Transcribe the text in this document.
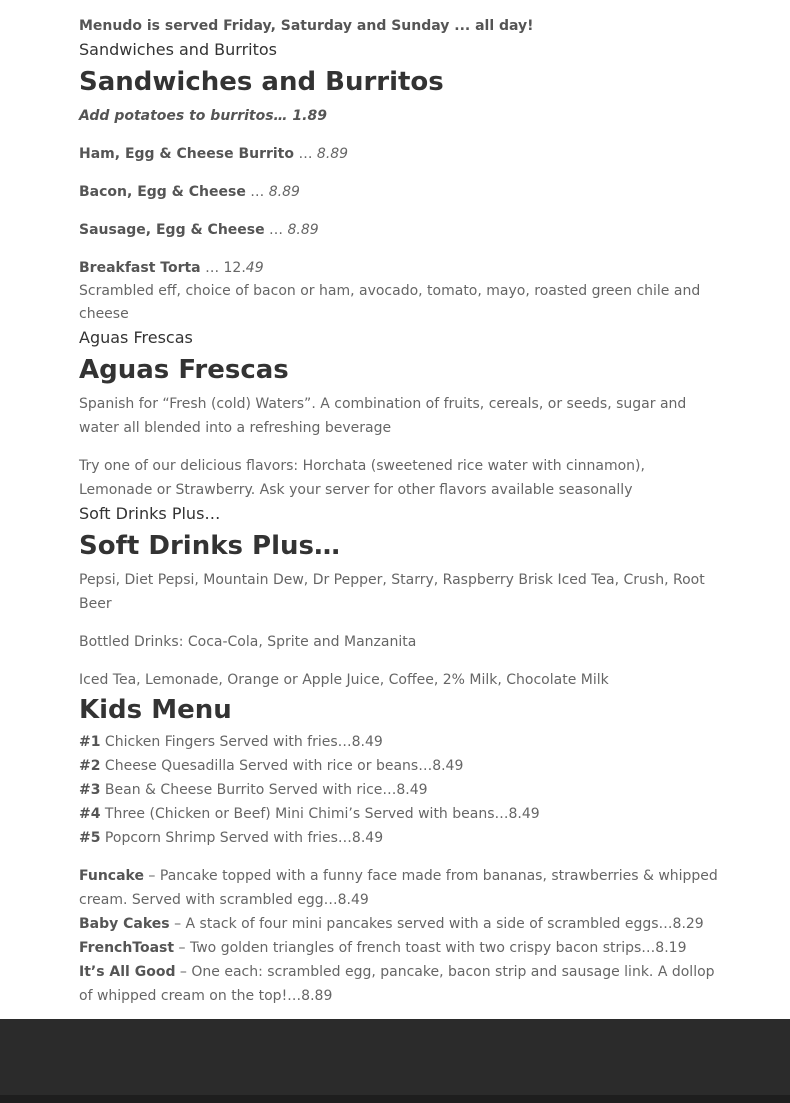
Menudo is served Friday, Saturday and Sunday ... all day!

Sandwiches and Burritos
Sandwiches and Burritos

Add potatoes to burritos… 1.89

Ham, Egg & Cheese Burrito … 8.89

Bacon, Egg & Cheese … 8.89

Sausage, Egg & Cheese … 8.89

Breakfast Torta … 12.49

Scrambled eff, choice of bacon or ham, avocado, tomato, mayo, roasted green chile and cheese

Aguas Frescas
Aguas Frescas

Spanish for “Fresh (cold) Waters”. A combination of fruits, cereals, or seeds, sugar and water all blended into a refreshing beverage

Try one of our delicious flavors: Horchata (sweetened rice water with cinnamon), Lemonade or Strawberry. Ask your server for other flavors available seasonally

Soft Drinks Plus…
Soft Drinks Plus…

Pepsi, Diet Pepsi, Mountain Dew, Dr Pepper, Starry, Raspberry Brisk Iced Tea, Crush, Root Beer

Bottled Drinks: Coca-Cola, Sprite and Manzanita

Iced Tea, Lemonade, Orange or Apple Juice, Coffee, 2% Milk, Chocolate Milk

Kids Menu

#1 Chicken Fingers Served with fries…8.49

#2 Cheese Quesadilla Served with rice or beans…8.49

#3 Bean & Cheese Burrito Served with rice…8.49

#4 Three (Chicken or Beef) Mini Chimi’s Served with beans…8.49

#5 Popcorn Shrimp Served with fries…8.49

Funcake – Pancake topped with a funny face made from bananas, strawberries & whipped cream. Served with scrambled egg…8.49

Baby Cakes – A stack of four mini pancakes served with a side of scrambled eggs…8.29

FrenchToast – Two golden triangles of french toast with two crispy bacon strips…8.19

It’s All Good – One each: scrambled egg, pancake, bacon strip and sausage link. A dollop of whipped cream on the top!…8.89
